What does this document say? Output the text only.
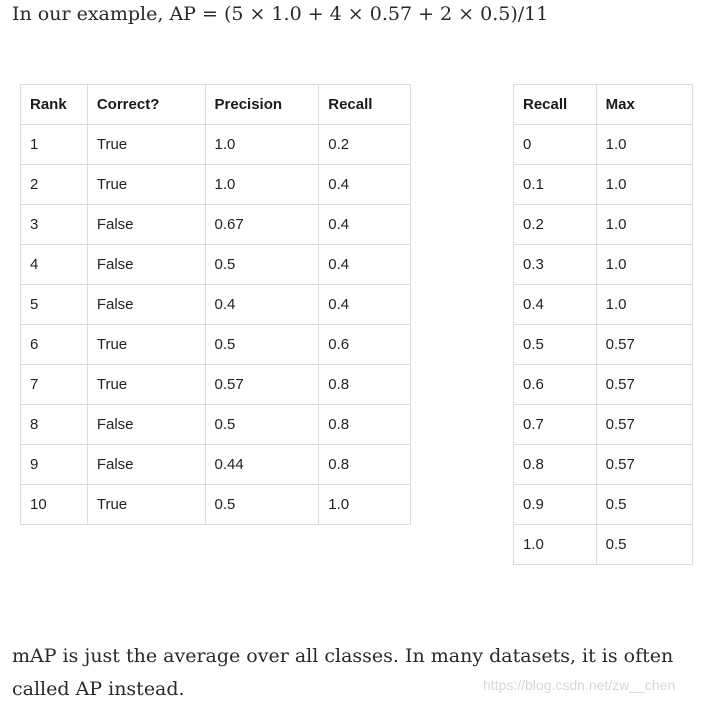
In our example, AP = (5 × 1.0 + 4 × 0.57 + 2 × 0.5)/11
Rank	Correct?	Precision	Recall
1	True	1.0	0.2
2	True	1.0	0.4
3	False	0.67	0.4
4	False	0.5	0.4
5	False	0.4	0.4
6	True	0.5	0.6
7	True	0.57	0.8
8	False	0.5	0.8
9	False	0.44	0.8
10	True	0.5	1.0
Recall	Max
0	1.0
0.1	1.0
0.2	1.0
0.3	1.0
0.4	1.0
0.5	0.57
0.6	0.57
0.7	0.57
0.8	0.57
0.9	0.5
1.0	0.5

mAP is just the average over all classes. In many datasets, it is often called AP instead.	https://blog.csdn.net/zw__chen
